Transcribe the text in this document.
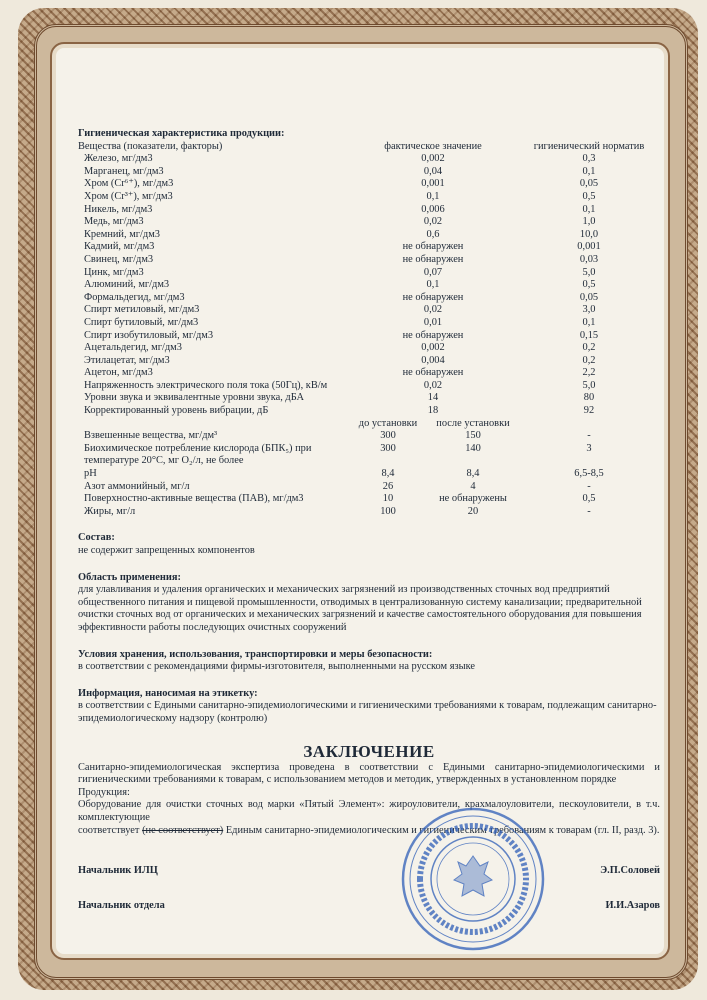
Гигиеническая характеристика продукции:
Вещества (показатели, факторы)	фактическое значение		гигиенический норматив
Железо, мг/дм3	0,002		0,3
Марганец, мг/дм3	0,04		0,1
Хром (Cr⁶⁺), мг/дм3	0,001		0,05
Хром (Cr³⁺), мг/дм3	0,1		0,5
Никель, мг/дм3	0,006		0,1
Медь, мг/дм3	0,02		1,0
Кремний, мг/дм3	0,6		10,0
Кадмий, мг/дм3	не обнаружен		0,001
Свинец, мг/дм3	не обнаружен		0,03
Цинк, мг/дм3	0,07		5,0
Алюминий, мг/дм3	0,1		0,5
Формальдегид, мг/дм3	не обнаружен		0,05
Спирт метиловый, мг/дм3	0,02		3,0
Спирт бутиловый, мг/дм3	0,01		0,1
Спирт изобутиловый, мг/дм3	не обнаружен		0,15
Ацетальдегид, мг/дм3	0,002		0,2
Этилацетат, мг/дм3	0,004		0,2
Ацетон, мг/дм3	не обнаружен		2,2
Напряженность электрического поля тока (50Гц), кВ/м	0,02		5,0
Уровни звука и эквивалентные уровни звука, дБА	14		80
Корректированный уровень вибрации, дБ	18		92
	до установки	после установки	
Взвешенные вещества, мг/дм³	300	150	-
Биохимическое потребление кислорода (БПК₅) при температуре 20°С, мг О₂/л, не более	300	140	3
pH	8,4	8,4	6,5-8,5
Азот аммонийный, мг/л	26	4	-
Поверхностно-активные вещества (ПАВ), мг/дм3	10	не обнаружены	0,5
Жиры, мг/л	100	20	-
Состав:
не содержит запрещенных компонентов
Область применения:
для улавливания и удаления органических и механических загрязнений из производственных сточных вод предприятий общественного питания и пищевой промышленности, отводимых в централизованную систему канализации; предварительной очистки сточных вод от органических и механических загрязнений и качестве самостоятельного оборудования для повышения эффективности работы последующих очистных сооружений
Условия хранения, использования, транспортировки и меры безопасности:
в соответствии с рекомендациями фирмы-изготовителя, выполненными на русском языке
Информация, наносимая на этикетку:
в соответствии с Едиными санитарно-эпидемиологическими и гигиеническими требованиями к товарам, подлежащим санитарно-эпидемиологическому надзору (контролю)
ЗАКЛЮЧЕНИЕ
Санитарно-эпидемиологическая экспертиза проведена в соответствии с Едиными санитарно-эпидемиологическими и гигиеническими требованиями к товарам, с использованием методов и методик, утвержденных в установленном порядке
Продукция:
Оборудование для очистки сточных вод марки «Пятый Элемент»: жироуловители, крахмалоуловители, пескоуловители, в т.ч. комплектующие
соответствует (не соответствует) Единым санитарно-эпидемиологическим и гигиеническим требованиям к товарам (гл. II, разд. 3).
Начальник ИЛЦ	Э.П.Соловей
Начальник отдела	И.И.Азаров
